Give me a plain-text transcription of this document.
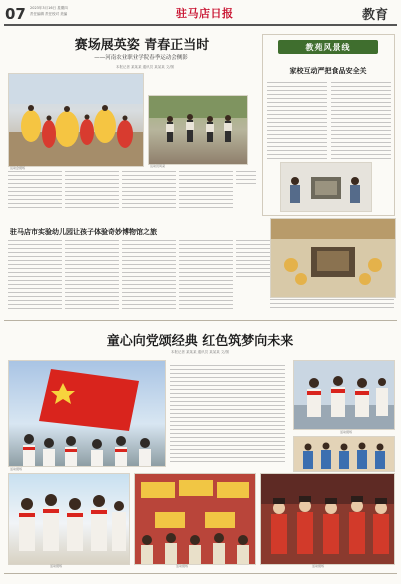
07 2023年3月16日 星期四
责任编辑 责任校对 美编	驻马店日报	教育
赛场展英姿 青春正当时
——河南农业职业学院春季运动会侧影
本报记者 某某某 通讯员 某某某 文/图
运动会现场	运动员风采
教苑风景线
家校互动严把食品安全关
驻马店市实验幼儿园让孩子体验奇妙博物馆之旅
童心向党颂经典 红色筑梦向未来
本报记者 某某某 通讯员 某某某 文/图
活动现场
活动现场
活动现场	活动现场	活动现场
